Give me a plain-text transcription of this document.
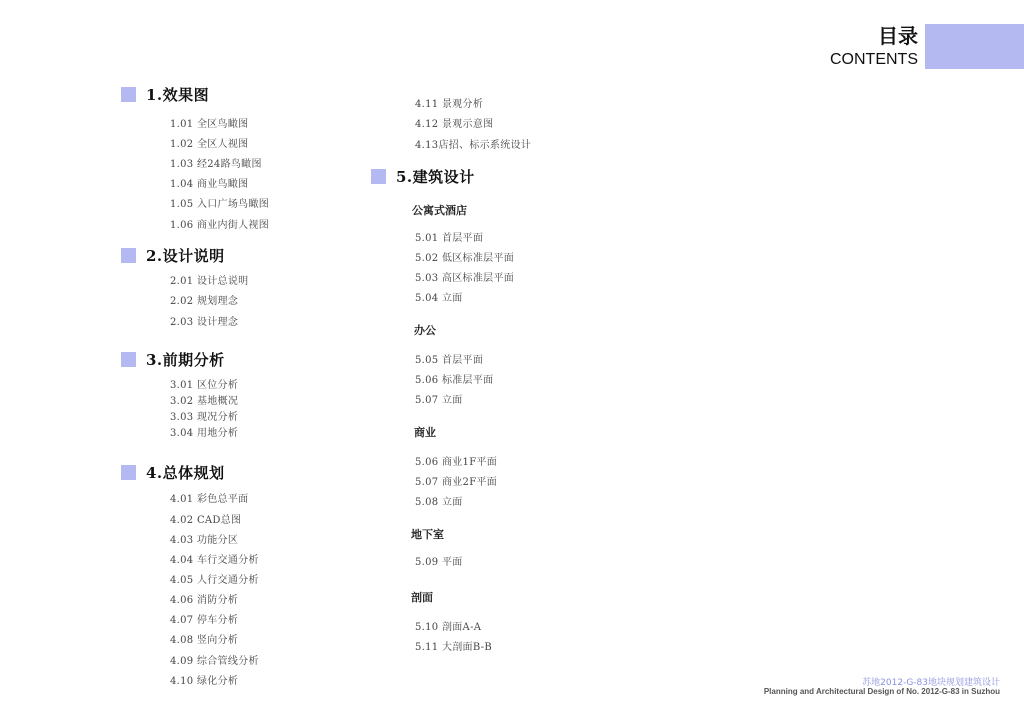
目录
CONTENTS
1.效果图
1.01 全区鸟瞰图
1.02 全区人视图
1.03 经24路鸟瞰图
1.04 商业鸟瞰图
1.05 入口广场鸟瞰图
1.06 商业内街人视图
2.设计说明
2.01 设计总说明
2.02 规划理念
2.03 设计理念
3.前期分析
3.01 区位分析
3.02 基地概况
3.03 现况分析
3.04 用地分析
4.总体规划
4.01 彩色总平面
4.02 CAD总图
4.03 功能分区
4.04 车行交通分析
4.05 人行交通分析
4.06 消防分析
4.07 停车分析
4.08 竖向分析
4.09 综合管线分析
4.10 绿化分析
4.11 景观分析
4.12 景观示意图
4.13店招、标示系统设计
5.建筑设计
公寓式酒店
5.01 首层平面
5.02 低区标准层平面
5.03 高区标准层平面
5.04 立面
办公
5.05 首层平面
5.06 标准层平面
5.07 立面
商业
5.06 商业1F平面
5.07 商业2F平面
5.08 立面
地下室
5.09 平面
剖面
5.10 剖面A-A
5.11 大剖面B-B
苏地2012-G-83地块规划建筑设计
Planning and Architectural Design of No. 2012-G-83 in Suzhou
